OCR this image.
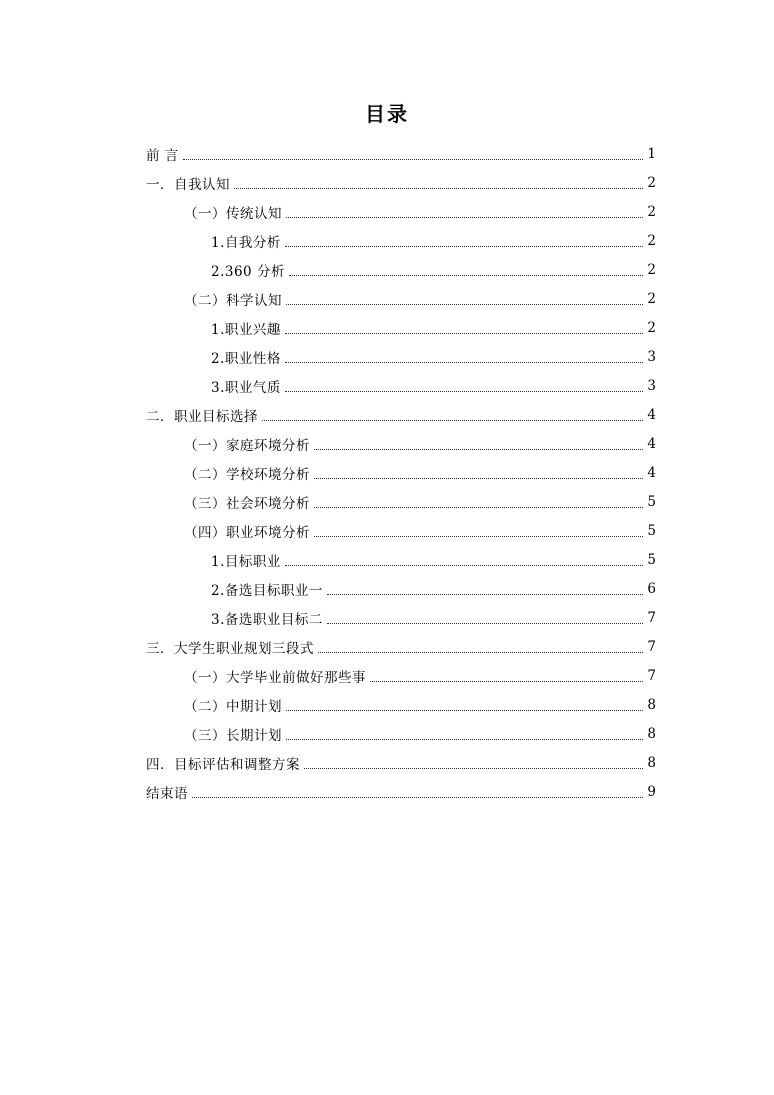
目录
前 言	1
一．自我认知	2
（一）传统认知	2
1.自我分析	2
2.360 分析	2
（二）科学认知	2
1.职业兴趣	2
2.职业性格	3
3.职业气质	3
二．职业目标选择	4
（一）家庭环境分析	4
（二）学校环境分析	4
（三）社会环境分析	5
（四）职业环境分析	5
1.目标职业	5
2.备选目标职业一	6
3.备选职业目标二	7
三．大学生职业规划三段式	7
（一）大学毕业前做好那些事	7
（二）中期计划	8
（三）长期计划	8
四．目标评估和调整方案	8
结束语	9
